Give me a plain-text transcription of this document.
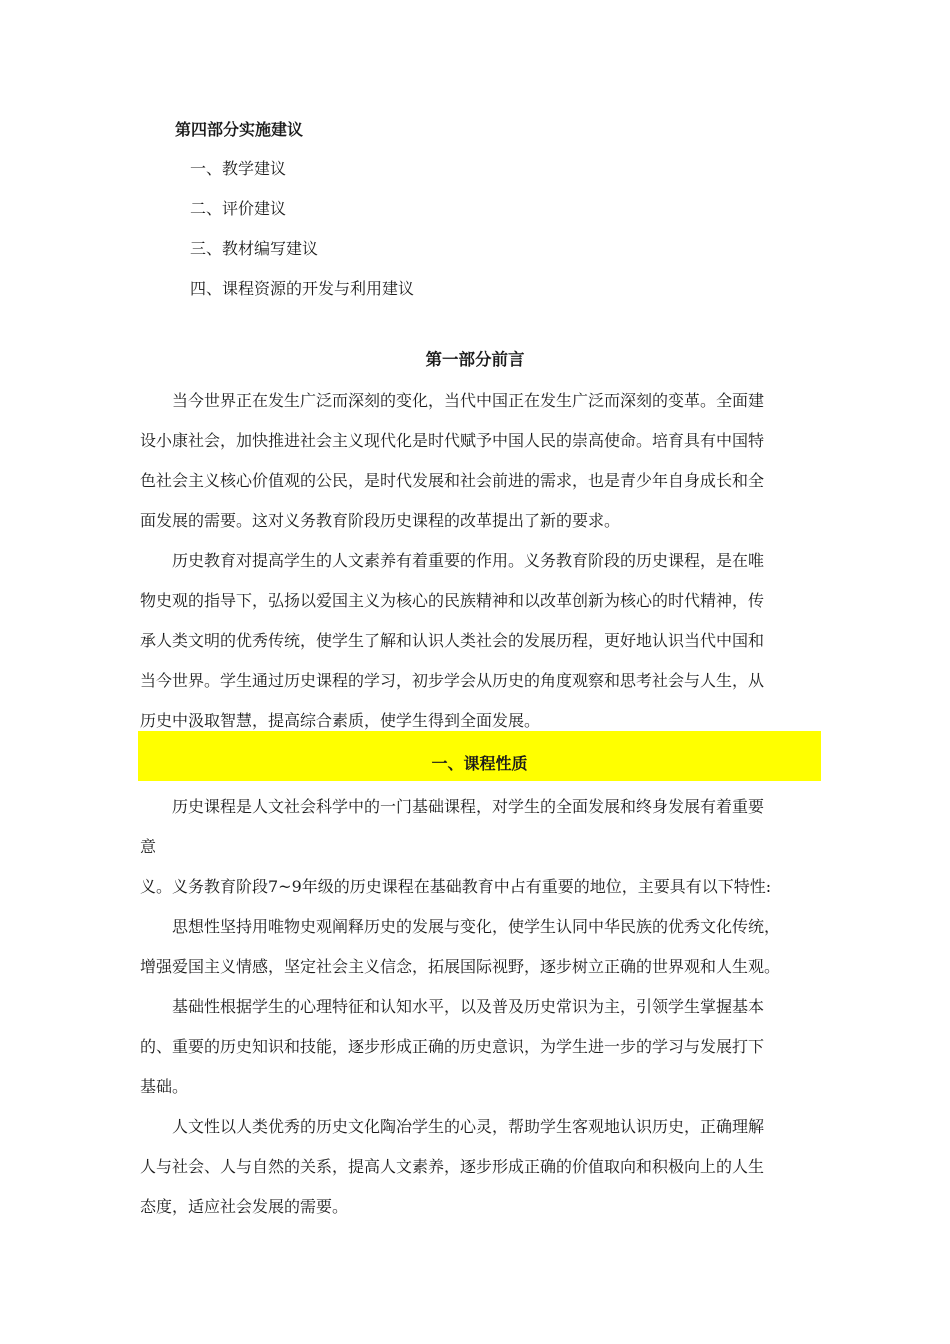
第四部分实施建议

一、教学建议

二、评价建议

三、教材编写建议

四、课程资源的开发与利用建议

第一部分前言
当今世界正在发生广泛而深刻的变化，当代中国正在发生广泛而深刻的变革。全面建
设小康社会，加快推进社会主义现代化是时代赋予中国人民的崇高使命。培育具有中国特
色社会主义核心价值观的公民，是时代发展和社会前进的需求，也是青少年自身成长和全
面发展的需要。这对义务教育阶段历史课程的改革提出了新的要求。
历史教育对提高学生的人文素养有着重要的作用。义务教育阶段的历史课程，是在唯
物史观的指导下，弘扬以爱国主义为核心的民族精神和以改革创新为核心的时代精神，传
承人类文明的优秀传统，使学生了解和认识人类社会的发展历程，更好地认识当代中国和
当今世界。学生通过历史课程的学习，初步学会从历史的角度观察和思考社会与人生，从
历史中汲取智慧，提高综合素质，使学生得到全面发展。
一、课程性质
历史课程是人文社会科学中的一门基础课程，对学生的全面发展和终身发展有着重要
意
义。义务教育阶段7~9年级的历史课程在基础教育中占有重要的地位，主要具有以下特性:
思想性坚持用唯物史观阐释历史的发展与变化，使学生认同中华民族的优秀文化传统，
增强爱国主义情感，坚定社会主义信念，拓展国际视野，逐步树立正确的世界观和人生观。
基础性根据学生的心理特征和认知水平，以及普及历史常识为主，引领学生掌握基本
的、重要的历史知识和技能，逐步形成正确的历史意识，为学生进一步的学习与发展打下
基础。
人文性以人类优秀的历史文化陶冶学生的心灵，帮助学生客观地认识历史，正确理解
人与社会、人与自然的关系，提高人文素养，逐步形成正确的价值取向和积极向上的人生
态度，适应社会发展的需要。
